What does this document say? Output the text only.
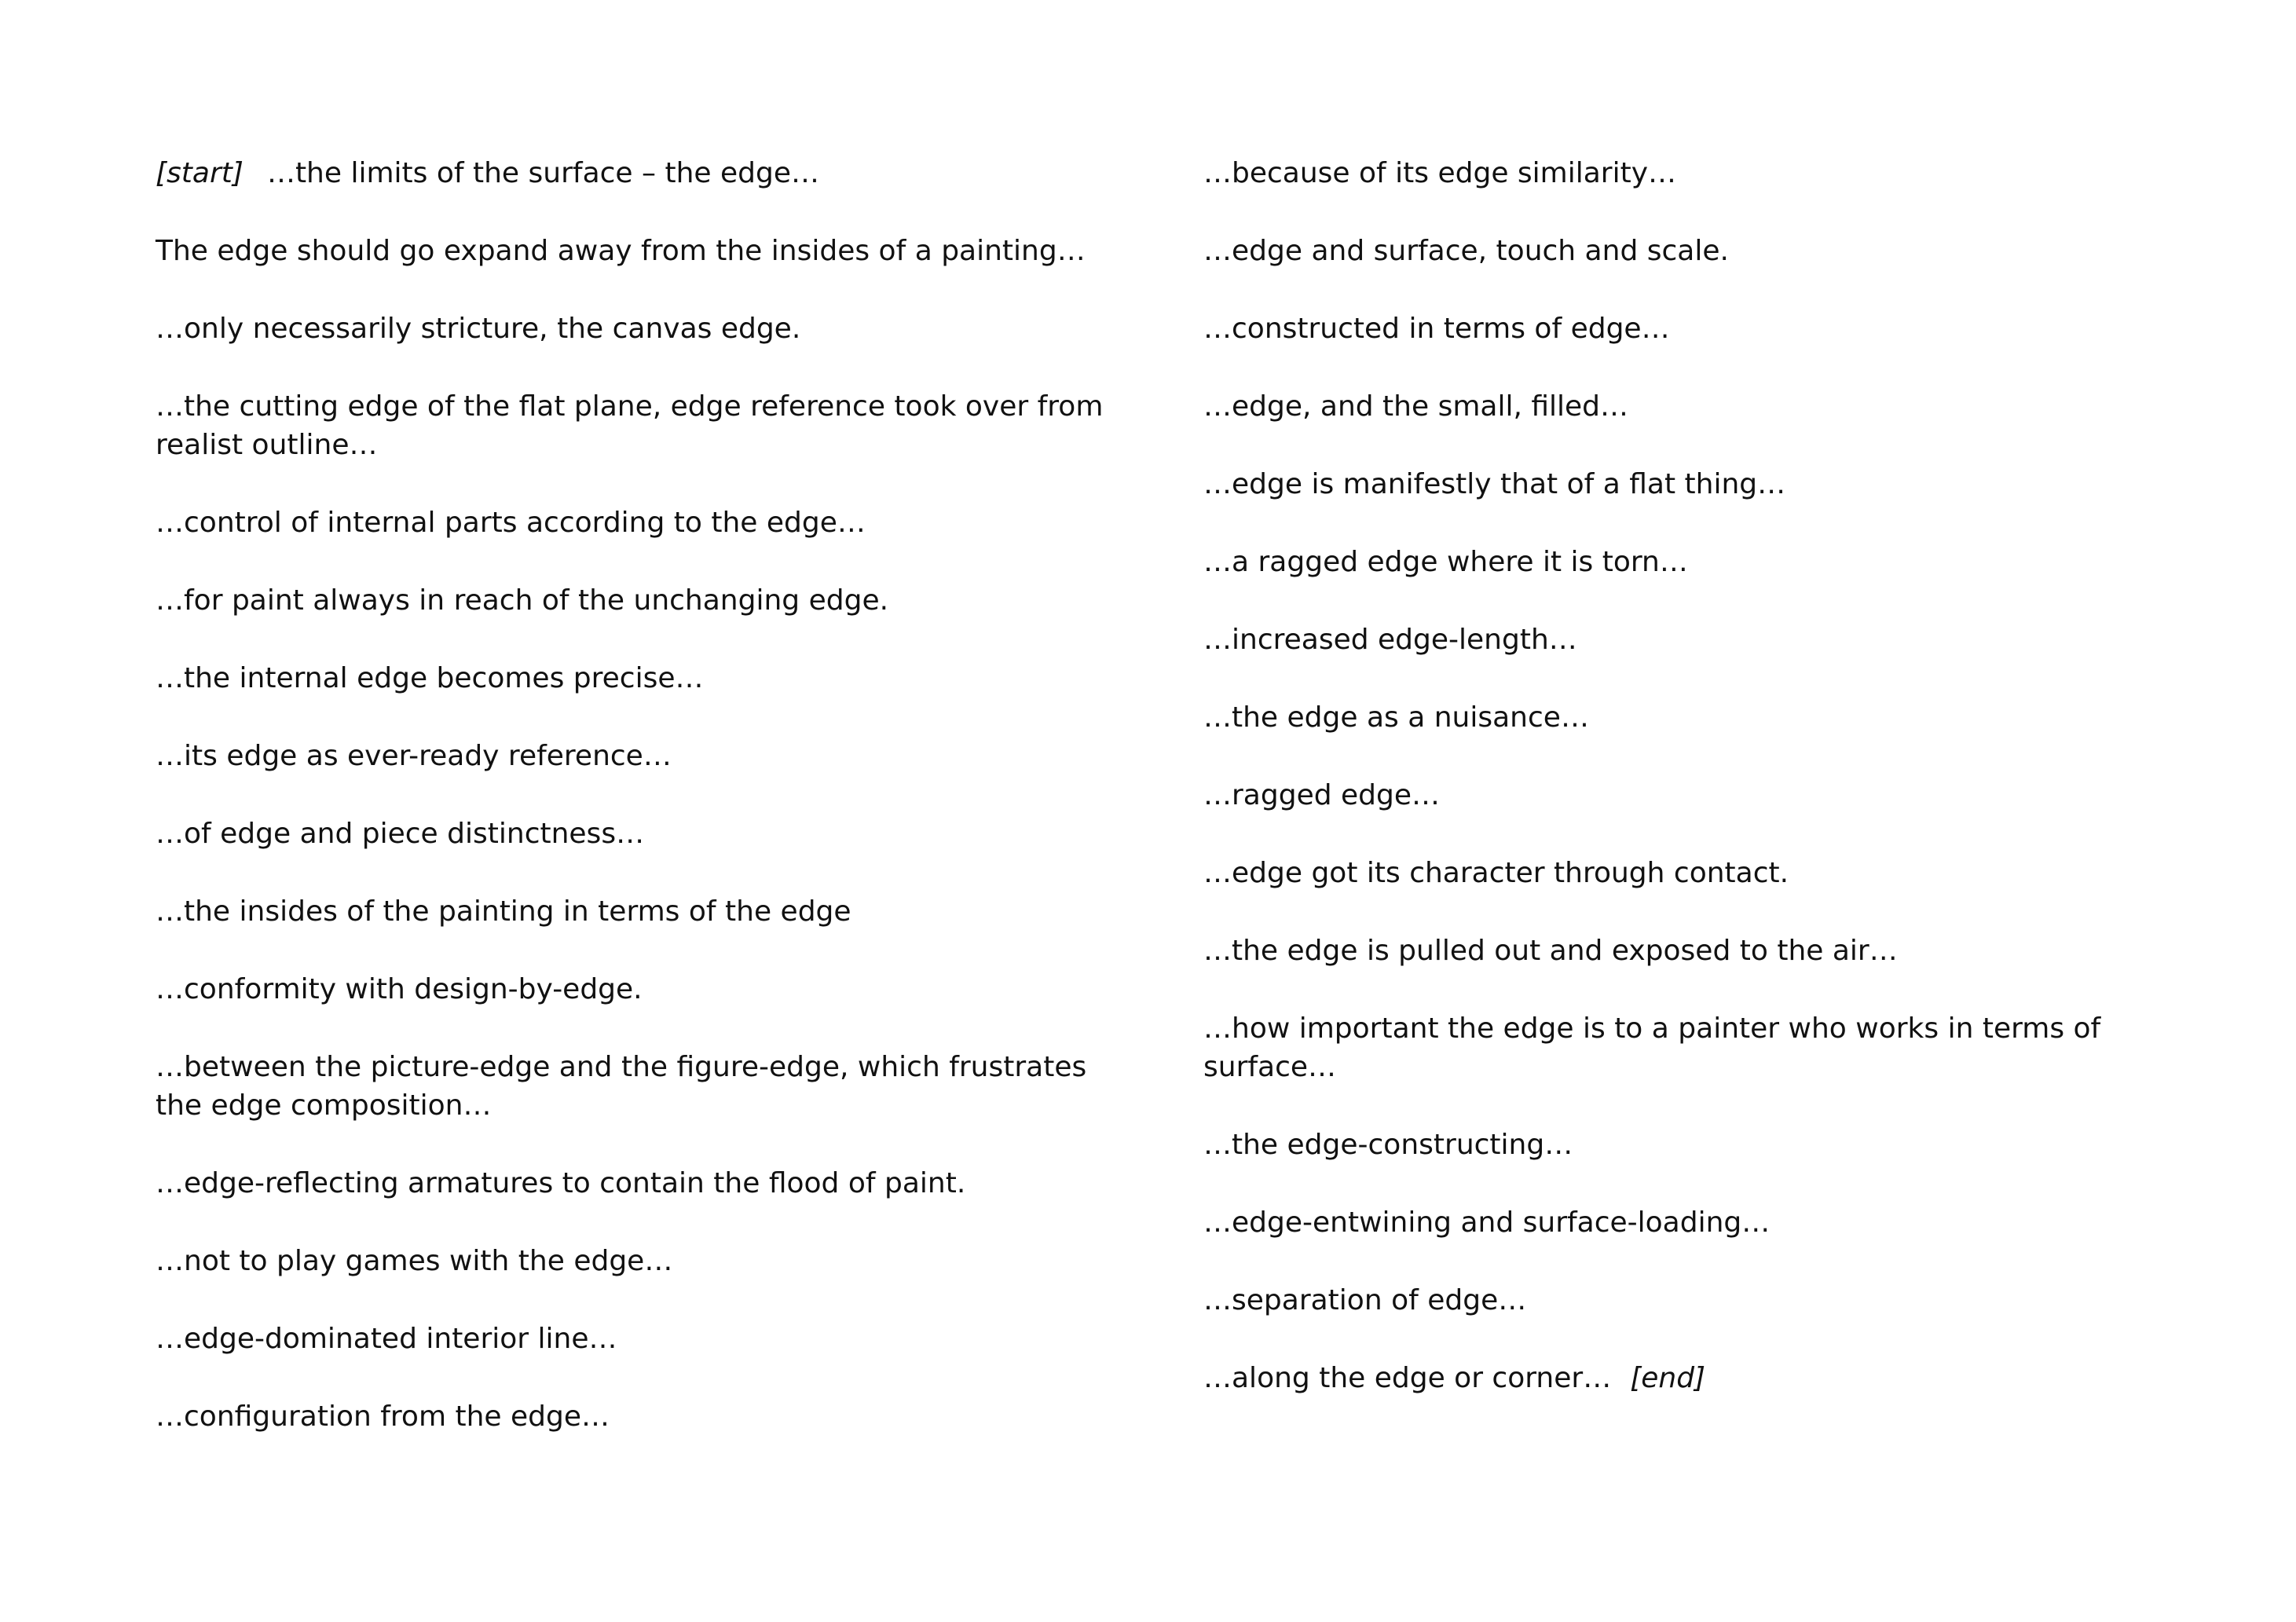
[start] …the limits of the surface – the edge…

The edge should go expand away from the insides of a painting…

…only necessarily stricture, the canvas edge.

…the cutting edge of the flat plane, edge reference took over from realist outline…

…control of internal parts according to the edge…

…for paint always in reach of the unchanging edge.

…the internal edge becomes precise…

…its edge as ever-ready reference…

…of edge and piece distinctness…

…the insides of the painting in terms of the edge

…conformity with design-by-edge.

…between the picture-edge and the figure-edge, which frustrates the edge composition…

…edge-reflecting armatures to contain the flood of paint.

…not to play games with the edge…

…edge-dominated interior line…

…configuration from the edge…

…because of its edge similarity…

…edge and surface, touch and scale.

…constructed in terms of edge…

…edge, and the small, filled…

…edge is manifestly that of a flat thing…

…a ragged edge where it is torn…

…increased edge-length…

…the edge as a nuisance…

…ragged edge…

…edge got its character through contact.

…the edge is pulled out and exposed to the air…

…how important the edge is to a painter who works in terms of surface…

…the edge-constructing…

…edge-entwining and surface-loading…

…separation of edge…

…along the edge or corner… [end]
